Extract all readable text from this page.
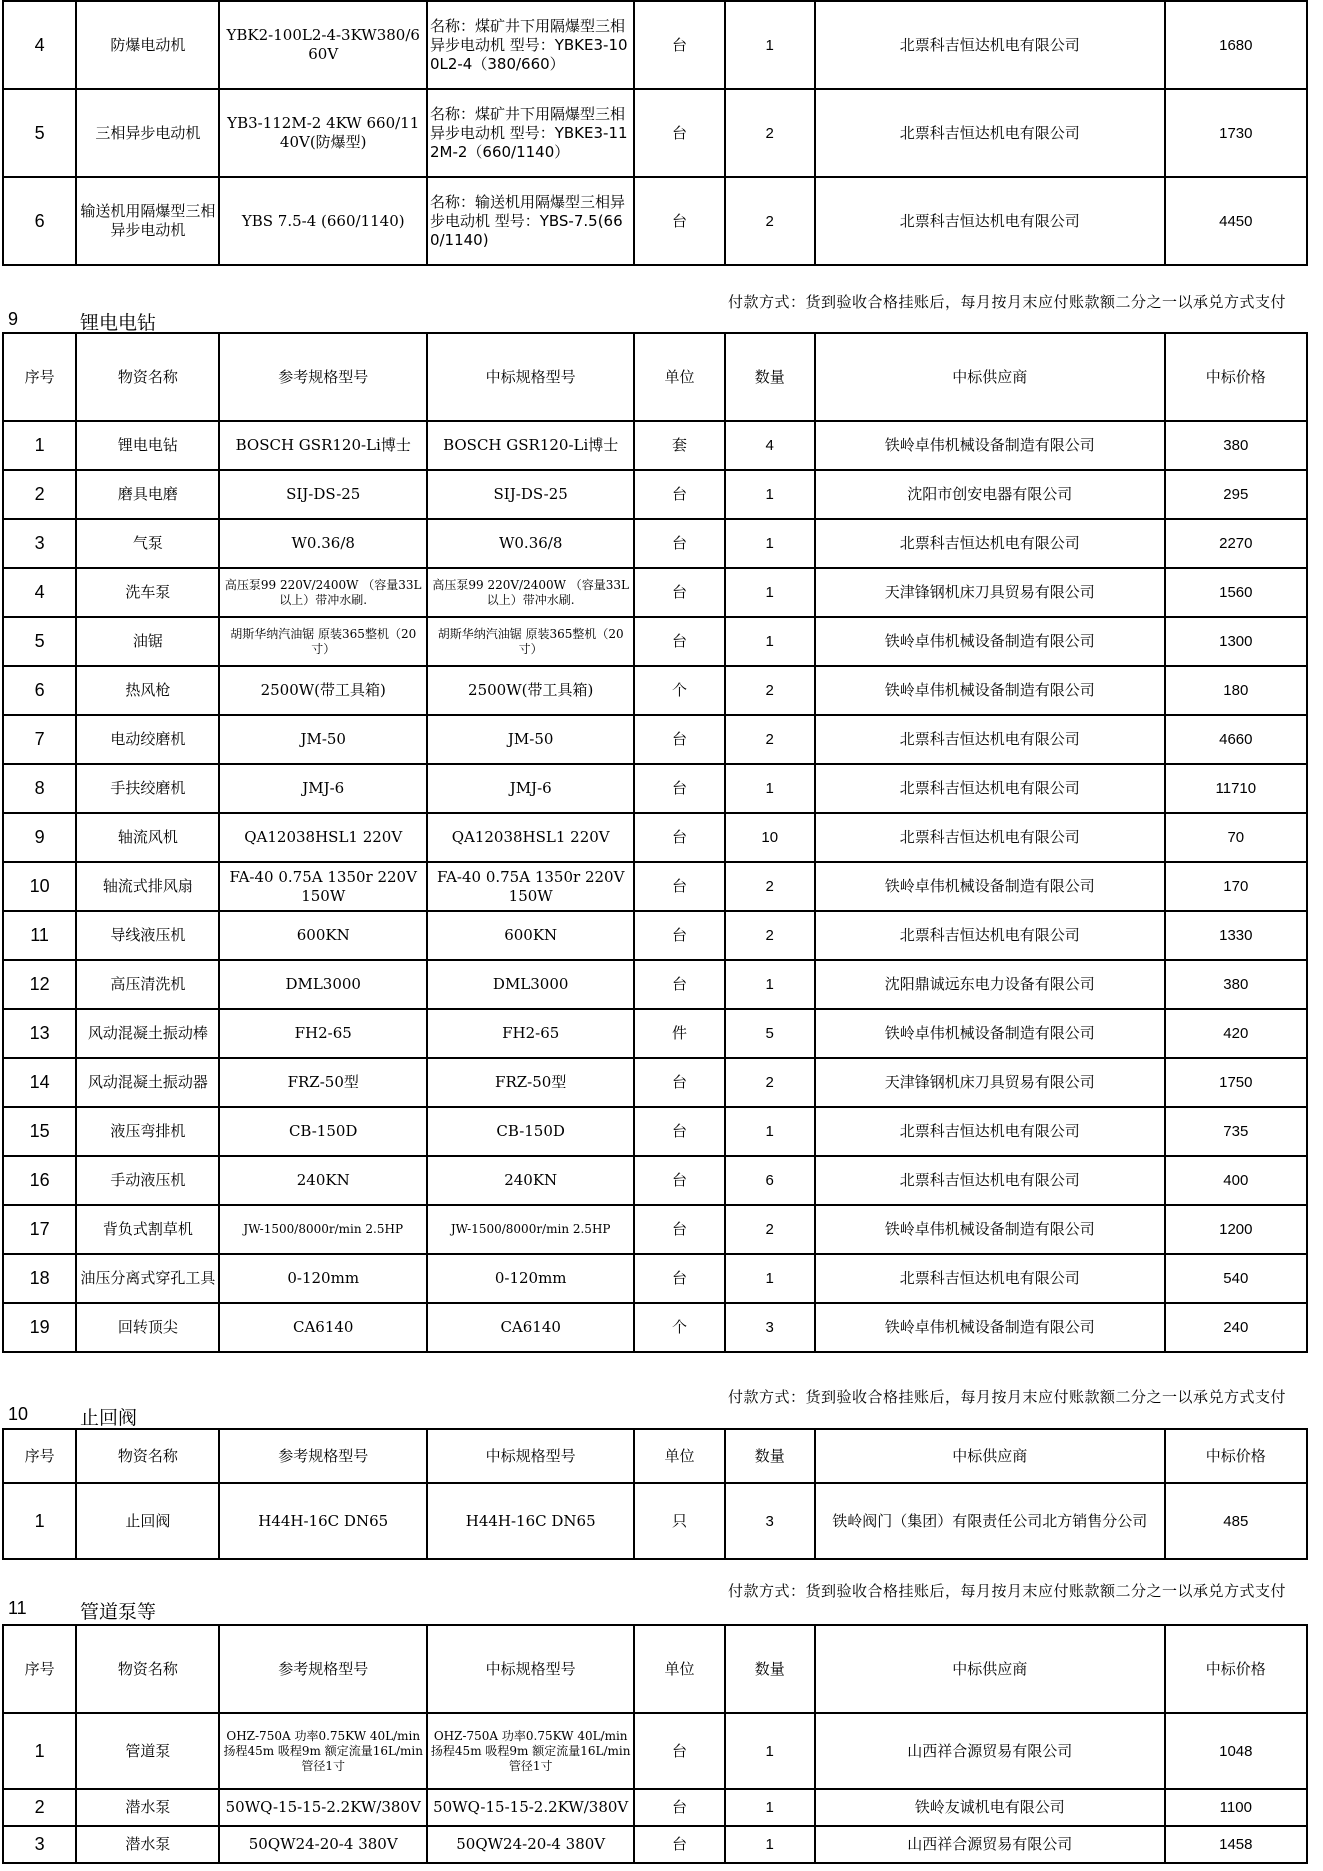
4	防爆电动机	YBK2-100L2-4-3KW380/660V	名称：煤矿井下用隔爆型三相异步电动机 型号：YBKE3-100L2-4（380/660）	台	1	北票科吉恒达机电有限公司	1680
5	三相异步电动机	YB3-112M-2 4KW 660/1140V(防爆型)	名称：煤矿井下用隔爆型三相异步电动机 型号：YBKE3-112M-2（660/1140）	台	2	北票科吉恒达机电有限公司	1730
6	输送机用隔爆型三相异步电动机	YBS 7.5-4 (660/1140)	名称：输送机用隔爆型三相异步电动机 型号：YBS-7.5(660/1140)	台	2	北票科吉恒达机电有限公司	4450
9	锂电电钻
付款方式：货到验收合格挂账后，每月按月末应付账款额二分之一以承兑方式支付
序号	物资名称	参考规格型号	中标规格型号	单位	数量	中标供应商	中标价格
1	锂电电钻	BOSCH GSR120-Li博士	BOSCH GSR120-Li博士	套	4	铁岭卓伟机械设备制造有限公司	380
2	磨具电磨	SIJ-DS-25	SIJ-DS-25	台	1	沈阳市创安电器有限公司	295
3	气泵	W0.36/8	W0.36/8	台	1	北票科吉恒达机电有限公司	2270
4	洗车泵	高压泵99 220V/2400W （容量33L以上）带冲水刷.	高压泵99 220V/2400W （容量33L以上）带冲水刷.	台	1	天津锋钢机床刀具贸易有限公司	1560
5	油锯	胡斯华纳汽油锯 原装365整机（20寸）	胡斯华纳汽油锯 原装365整机（20寸）	台	1	铁岭卓伟机械设备制造有限公司	1300
6	热风枪	2500W(带工具箱)	2500W(带工具箱)	个	2	铁岭卓伟机械设备制造有限公司	180
7	电动绞磨机	JM-50	JM-50	台	2	北票科吉恒达机电有限公司	4660
8	手扶绞磨机	JMJ-6	JMJ-6	台	1	北票科吉恒达机电有限公司	11710
9	轴流风机	QA12038HSL1 220V	QA12038HSL1 220V	台	10	北票科吉恒达机电有限公司	70
10	轴流式排风扇	FA-40 0.75A 1350r 220V 150W	FA-40 0.75A 1350r 220V 150W	台	2	铁岭卓伟机械设备制造有限公司	170
11	导线液压机	600KN	600KN	台	2	北票科吉恒达机电有限公司	1330
12	高压清洗机	DML3000	DML3000	台	1	沈阳鼎诚远东电力设备有限公司	380
13	风动混凝土振动棒	FH2-65	FH2-65	件	5	铁岭卓伟机械设备制造有限公司	420
14	风动混凝土振动器	FRZ-50型	FRZ-50型	台	2	天津锋钢机床刀具贸易有限公司	1750
15	液压弯排机	CB-150D	CB-150D	台	1	北票科吉恒达机电有限公司	735
16	手动液压机	240KN	240KN	台	6	北票科吉恒达机电有限公司	400
17	背负式割草机	JW-1500/8000r/min 2.5HP	JW-1500/8000r/min 2.5HP	台	2	铁岭卓伟机械设备制造有限公司	1200
18	油压分离式穿孔工具	0-120mm	0-120mm	台	1	北票科吉恒达机电有限公司	540
19	回转顶尖	CA6140	CA6140	个	3	铁岭卓伟机械设备制造有限公司	240
10	止回阀
付款方式：货到验收合格挂账后，每月按月末应付账款额二分之一以承兑方式支付
序号	物资名称	参考规格型号	中标规格型号	单位	数量	中标供应商	中标价格
1	止回阀	H44H-16C DN65	H44H-16C DN65	只	3	铁岭阀门（集团）有限责任公司北方销售分公司	485
11	管道泵等
付款方式：货到验收合格挂账后，每月按月末应付账款额二分之一以承兑方式支付
序号	物资名称	参考规格型号	中标规格型号	单位	数量	中标供应商	中标价格
1	管道泵	OHZ-750A 功率0.75KW 40L/min 扬程45m 吸程9m 额定流量16L/min 管径1寸	OHZ-750A 功率0.75KW 40L/min 扬程45m 吸程9m 额定流量16L/min 管径1寸	台	1	山西祥合源贸易有限公司	1048
2	潜水泵	50WQ-15-15-2.2KW/380V	50WQ-15-15-2.2KW/380V	台	1	铁岭友诚机电有限公司	1100
3	潜水泵	50QW24-20-4 380V	50QW24-20-4 380V	台	1	山西祥合源贸易有限公司	1458
